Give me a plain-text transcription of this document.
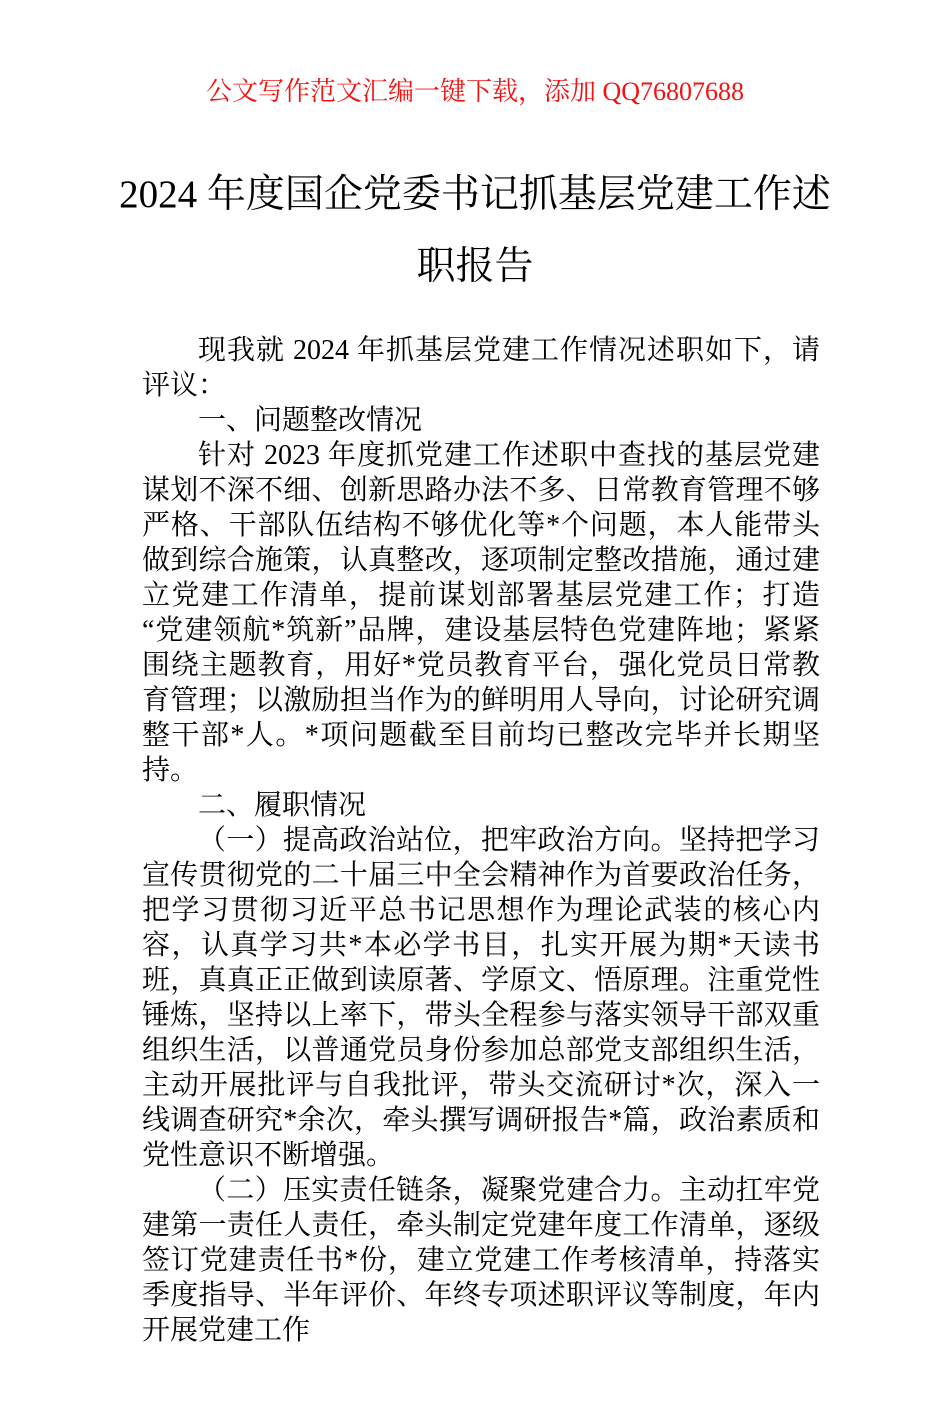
公文写作范文汇编一键下载，添加 QQ76807688
2024 年度国企党委书记抓基层党建工作述职报告

现我就 2024 年抓基层党建工作情况述职如下，请评议：

一、问题整改情况

针对 2023 年度抓党建工作述职中查找的基层党建谋划不深不细、创新思路办法不多、日常教育管理不够严格、干部队伍结构不够优化等*个问题，本人能带头做到综合施策，认真整改，逐项制定整改措施，通过建立党建工作清单，提前谋划部署基层党建工作；打造“党建领航*筑新”品牌，建设基层特色党建阵地；紧紧围绕主题教育，用好*党员教育平台，强化党员日常教育管理；以激励担当作为的鲜明用人导向，讨论研究调整干部*人。*项问题截至目前均已整改完毕并长期坚持。

二、履职情况

（一）提高政治站位，把牢政治方向。坚持把学习宣传贯彻党的二十届三中全会精神作为首要政治任务，把学习贯彻习近平总书记思想作为理论武装的核心内容，认真学习共*本必学书目，扎实开展为期*天读书班，真真正正做到读原著、学原文、悟原理。注重党性锤炼，坚持以上率下，带头全程参与落实领导干部双重组织生活，以普通党员身份参加总部党支部组织生活，主动开展批评与自我批评，带头交流研讨*次，深入一线调查研究*余次，牵头撰写调研报告*篇，政治素质和党性意识不断增强。

（二）压实责任链条，凝聚党建合力。主动扛牢党建第一责任人责任，牵头制定党建年度工作清单，逐级签订党建责任书*份，建立党建工作考核清单，持落实季度指导、半年评价、年终专项述职评议等制度，年内开展党建工作
